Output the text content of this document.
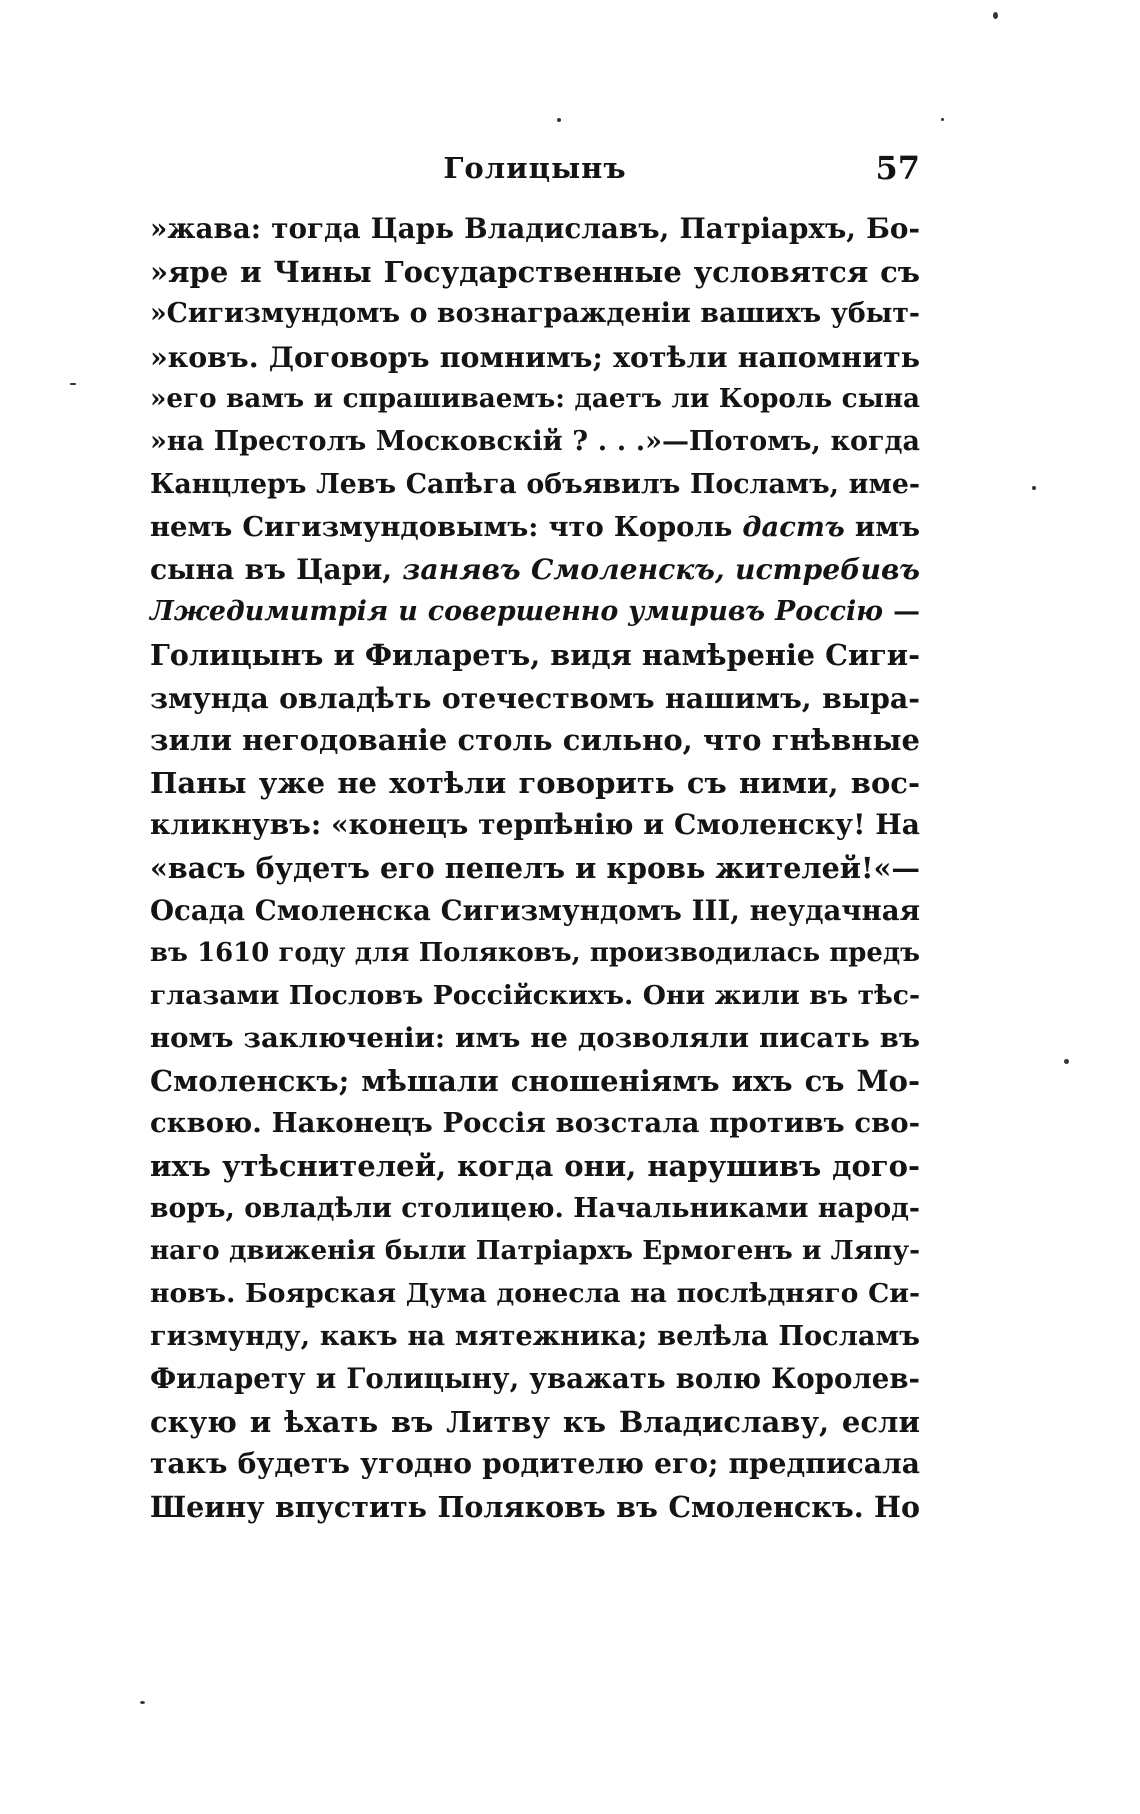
Голицынъ	57
»жава: тогда Царь Владиславъ, Патріархъ, Бо-
»яре и Чины Государственные условятся съ
»Сигизмундомъ о вознагражденіи вашихъ убыт-
»ковъ. Договоръ помнимъ; хотѣли напомнить
»его вамъ и спрашиваемъ: даетъ ли Король сына
»на Престолъ Московскій ? . . .»—Потомъ, когда
Канцлеръ Левъ Сапѣга объявилъ Посламъ, име-
немъ Сигизмундовымъ: что Король дастъ имъ
сына въ Цари, занявъ Смоленскъ, истребивъ
Лжедимитрія и совершенно умиривъ Россію —
Голицынъ и Филаретъ, видя намѣреніе Сиги-
змунда овладѣть отечествомъ нашимъ, выра-
зили негодованіе столь сильно, что гнѣвные
Паны уже не хотѣли говорить съ ними, вос-
кликнувъ: «конецъ терпѣнію и Смоленску! На
«васъ будетъ его пепелъ и кровь жителей!«—
Осада Смоленска Сигизмундомъ III, неудачная
въ 1610 году для Поляковъ, производилась предъ
глазами Пословъ Россійскихъ. Они жили въ тѣс-
номъ заключеніи: имъ не дозволяли писать въ
Смоленскъ; мѣшали сношеніямъ ихъ съ Мо-
сквою. Наконецъ Россія возстала противъ сво-
ихъ утѣснителей, когда они, нарушивъ дого-
воръ, овладѣли столицею. Начальниками народ-
наго движенія были Патріархъ Ермогенъ и Ляпу-
новъ. Боярская Дума донесла на послѣдняго Си-
гизмунду, какъ на мятежника; велѣла Посламъ
Филарету и Голицыну, уважать волю Королев-
скую и ѣхать въ Литву къ Владиславу, если
такъ будетъ угодно родителю его; предписала
Шеину впустить Поляковъ въ Смоленскъ. Но
